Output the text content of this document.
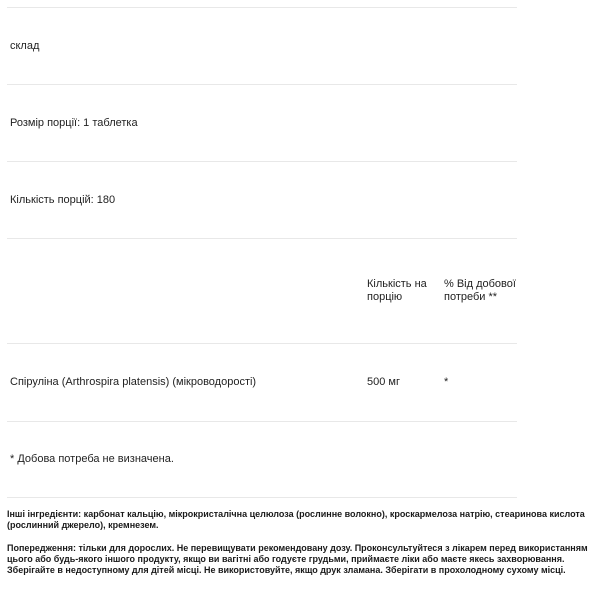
склад
Розмір порції: 1 таблетка
Кількість порцій: 180
Кількість на порцію
% Від добової потреби **
Спіруліна (Arthrospira platensis) (мікроводорості)	500 мг	*
* Добова потреба не визначена.
Інші інгредієнти: карбонат кальцію, мікрокристалічна целюлоза (рослинне волокно), кроскармелоза натрію, стеаринова кислота (рослинний джерело), кремнезем.
Попередження: тільки для дорослих. Не перевищувати рекомендовану дозу. Проконсультуйтеся з лікарем перед використанням цього або будь-якого іншого продукту, якщо ви вагітні або годуєте грудьми, приймаєте ліки або маєте якесь захворювання. Зберігайте в недоступному для дітей місці. Не використовуйте, якщо друк зламана. Зберігати в прохолодному сухому місці.
